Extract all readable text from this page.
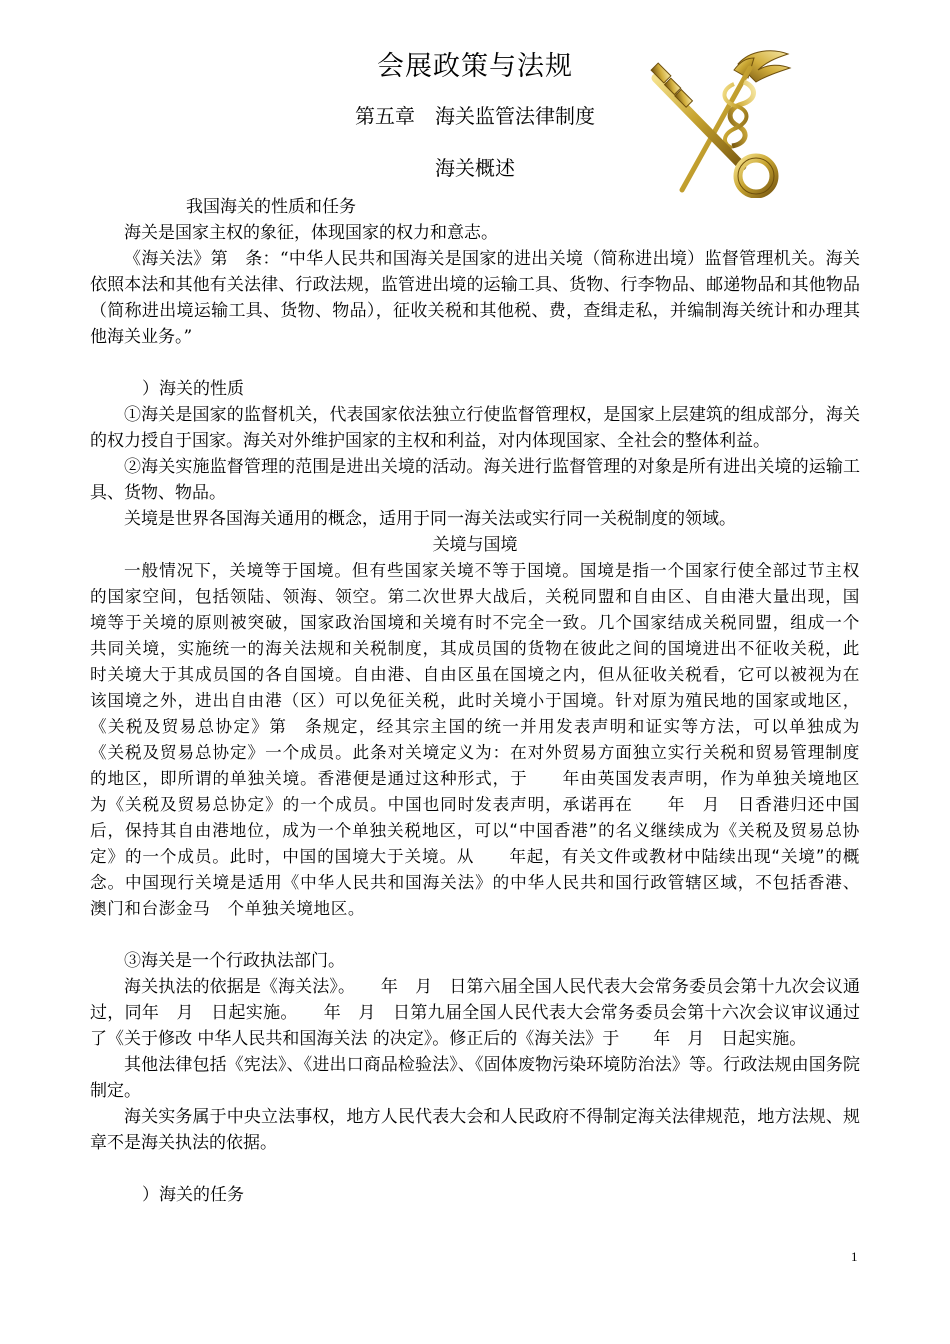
会展政策与法规
第五章　海关监管法律制度
海关概述

我国海关的性质和任务

海关是国家主权的象征，体现国家的权力和意志。

《海关法》第　条：“中华人民共和国海关是国家的进出关境（简称进出境）监督管理机关。海关依照本法和其他有关法律、行政法规，监管进出境的运输工具、货物、行李物品、邮递物品和其他物品（简称进出境运输工具、货物、物品），征收关税和其他税、费，查缉走私，并编制海关统计和办理其他海关业务。”

）海关的性质

①海关是国家的监督机关，代表国家依法独立行使监督管理权，是国家上层建筑的组成部分，海关的权力授自于国家。海关对外维护国家的主权和利益，对内体现国家、全社会的整体利益。

②海关实施监督管理的范围是进出关境的活动。海关进行监督管理的对象是所有进出关境的运输工具、货物、物品。

关境是世界各国海关通用的概念，适用于同一海关法或实行同一关税制度的领域。

关境与国境

一般情况下，关境等于国境。但有些国家关境不等于国境。国境是指一个国家行使全部过节主权的国家空间，包括领陆、领海、领空。第二次世界大战后，关税同盟和自由区、自由港大量出现，国境等于关境的原则被突破，国家政治国境和关境有时不完全一致。几个国家结成关税同盟，组成一个共同关境，实施统一的海关法规和关税制度，其成员国的货物在彼此之间的国境进出不征收关税，此时关境大于其成员国的各自国境。自由港、自由区虽在国境之内，但从征收关税看，它可以被视为在该国境之外，进出自由港（区）可以免征关税，此时关境小于国境。针对原为殖民地的国家或地区，《关税及贸易总协定》第　条规定，经其宗主国的统一并用发表声明和证实等方法，可以单独成为《关税及贸易总协定》一个成员。此条对关境定义为：在对外贸易方面独立实行关税和贸易管理制度的地区，即所谓的单独关境。香港便是通过这种形式，于　　年由英国发表声明，作为单独关境地区为《关税及贸易总协定》的一个成员。中国也同时发表声明，承诺再在　　年　月　日香港归还中国后，保持其自由港地位，成为一个单独关税地区，可以“中国香港”的名义继续成为《关税及贸易总协定》的一个成员。此时，中国的国境大于关境。从　　年起，有关文件或教材中陆续出现“关境”的概念。中国现行关境是适用《中华人民共和国海关法》的中华人民共和国行政管辖区域，不包括香港、澳门和台澎金马　个单独关境地区。

③海关是一个行政执法部门。

海关执法的依据是《海关法》。　　年　月　日第六届全国人民代表大会常务委员会第十九次会议通过，同年　月　日起实施。　　年　月　日第九届全国人民代表大会常务委员会第十六次会议审议通过了《关于修改 中华人民共和国海关法 的决定》。修正后的《海关法》于　　年　月　日起实施。

其他法律包括《宪法》、《进出口商品检验法》、《固体废物污染环境防治法》等。行政法规由国务院制定。

海关实务属于中央立法事权，地方人民代表大会和人民政府不得制定海关法律规范，地方法规、规章不是海关执法的依据。

）海关的任务

1
